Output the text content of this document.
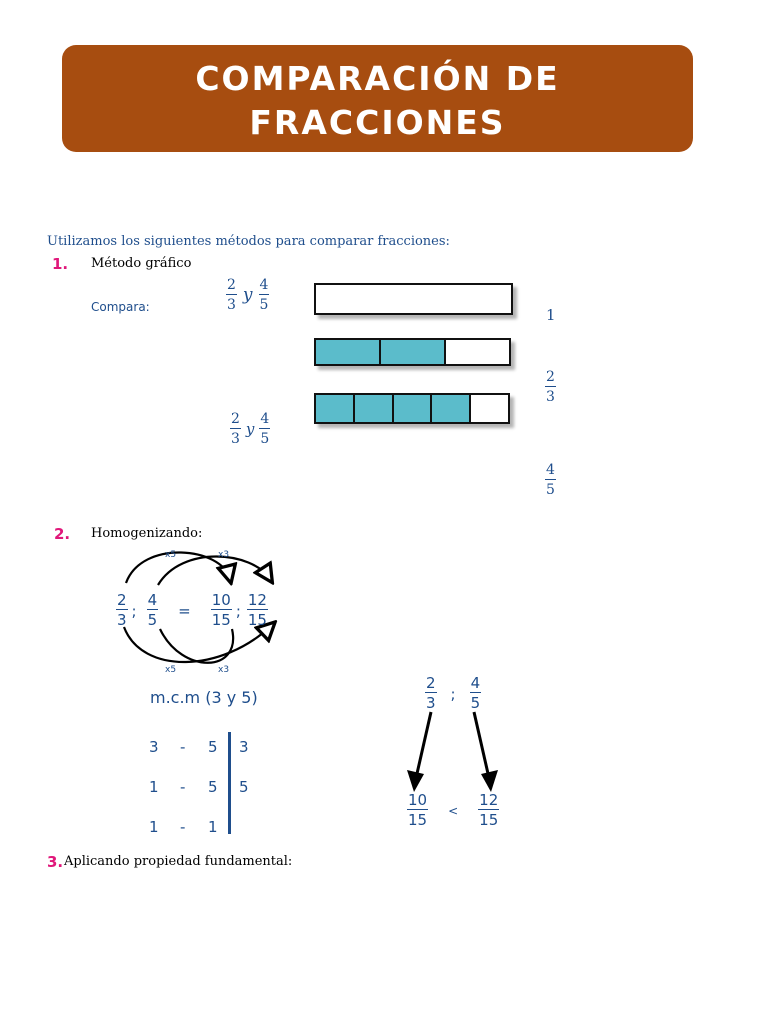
COMPARACIÓN DE
FRACCIONES
Utilizamos los siguientes métodos para comparar fracciones:
1. Método gráfico
Compara:	$\frac{2}{3}$ y $\frac{4}{5}$
1
$\frac{2}{3}$
$\frac{4}{5}$
$\frac{2}{3}$ y $\frac{4}{5}$
2. Homogenizando:
x5	x3
x5	x3
$\frac{2}{3}$ ; $\frac{4}{5} = \frac{10}{15}$ ; $\frac{12}{15}$
m.c.m (3 y 5)
3 - 5 3
1 - 5 5
1 - 1
$\frac{2}{3}$ ; $\frac{4}{5}$
$\frac{10}{15} < \frac{12}{15}$
3. Aplicando propiedad fundamental:
